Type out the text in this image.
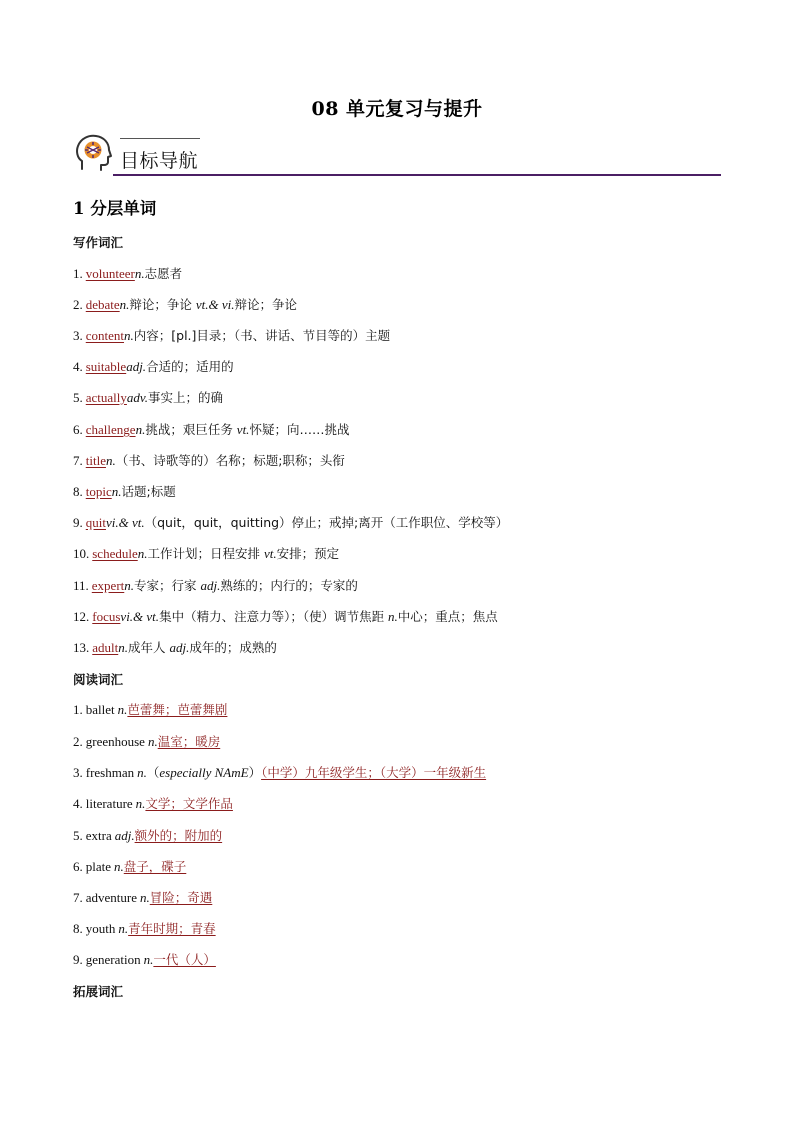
08 单元复习与提升
目标导航
1 分层单词
写作词汇
1. volunteern.志愿者
2. debaten.辩论；争论 vt.& vi.辩论；争论
3. contentn.内容；[pl.]目录；（书、讲话、节目等的）主题
4. suitableadj.合适的；适用的
5. actuallyadv.事实上；的确
6. challengen.挑战；艰巨任务 vt.怀疑；向……挑战
7. titlen.（书、诗歌等的）名称；标题;职称；头衔
8. topicn.话题;标题
9. quitvi.& vt.（quit，quit，quitting）停止；戒掉;离开（工作职位、学校等）
10. schedulen.工作计划；日程安排 vt.安排；预定
11. expertn.专家；行家 adj.熟练的；内行的；专家的
12. focusvi.& vt.集中（精力、注意力等）；（使）调节焦距 n.中心；重点；焦点
13. adultn.成年人 adj.成年的；成熟的
阅读词汇
1. ballet n.芭蕾舞；芭蕾舞剧
2. greenhouse n.温室；暖房
3. freshman n.（especially NAmE）（中学）九年级学生；（大学）一年级新生
4. literature n.文学；文学作品
5. extra adj.额外的；附加的
6. plate n.盘子，碟子
7. adventure n.冒险；奇遇
8. youth n.青年时期；青春
9. generation n.一代（人）
拓展词汇
